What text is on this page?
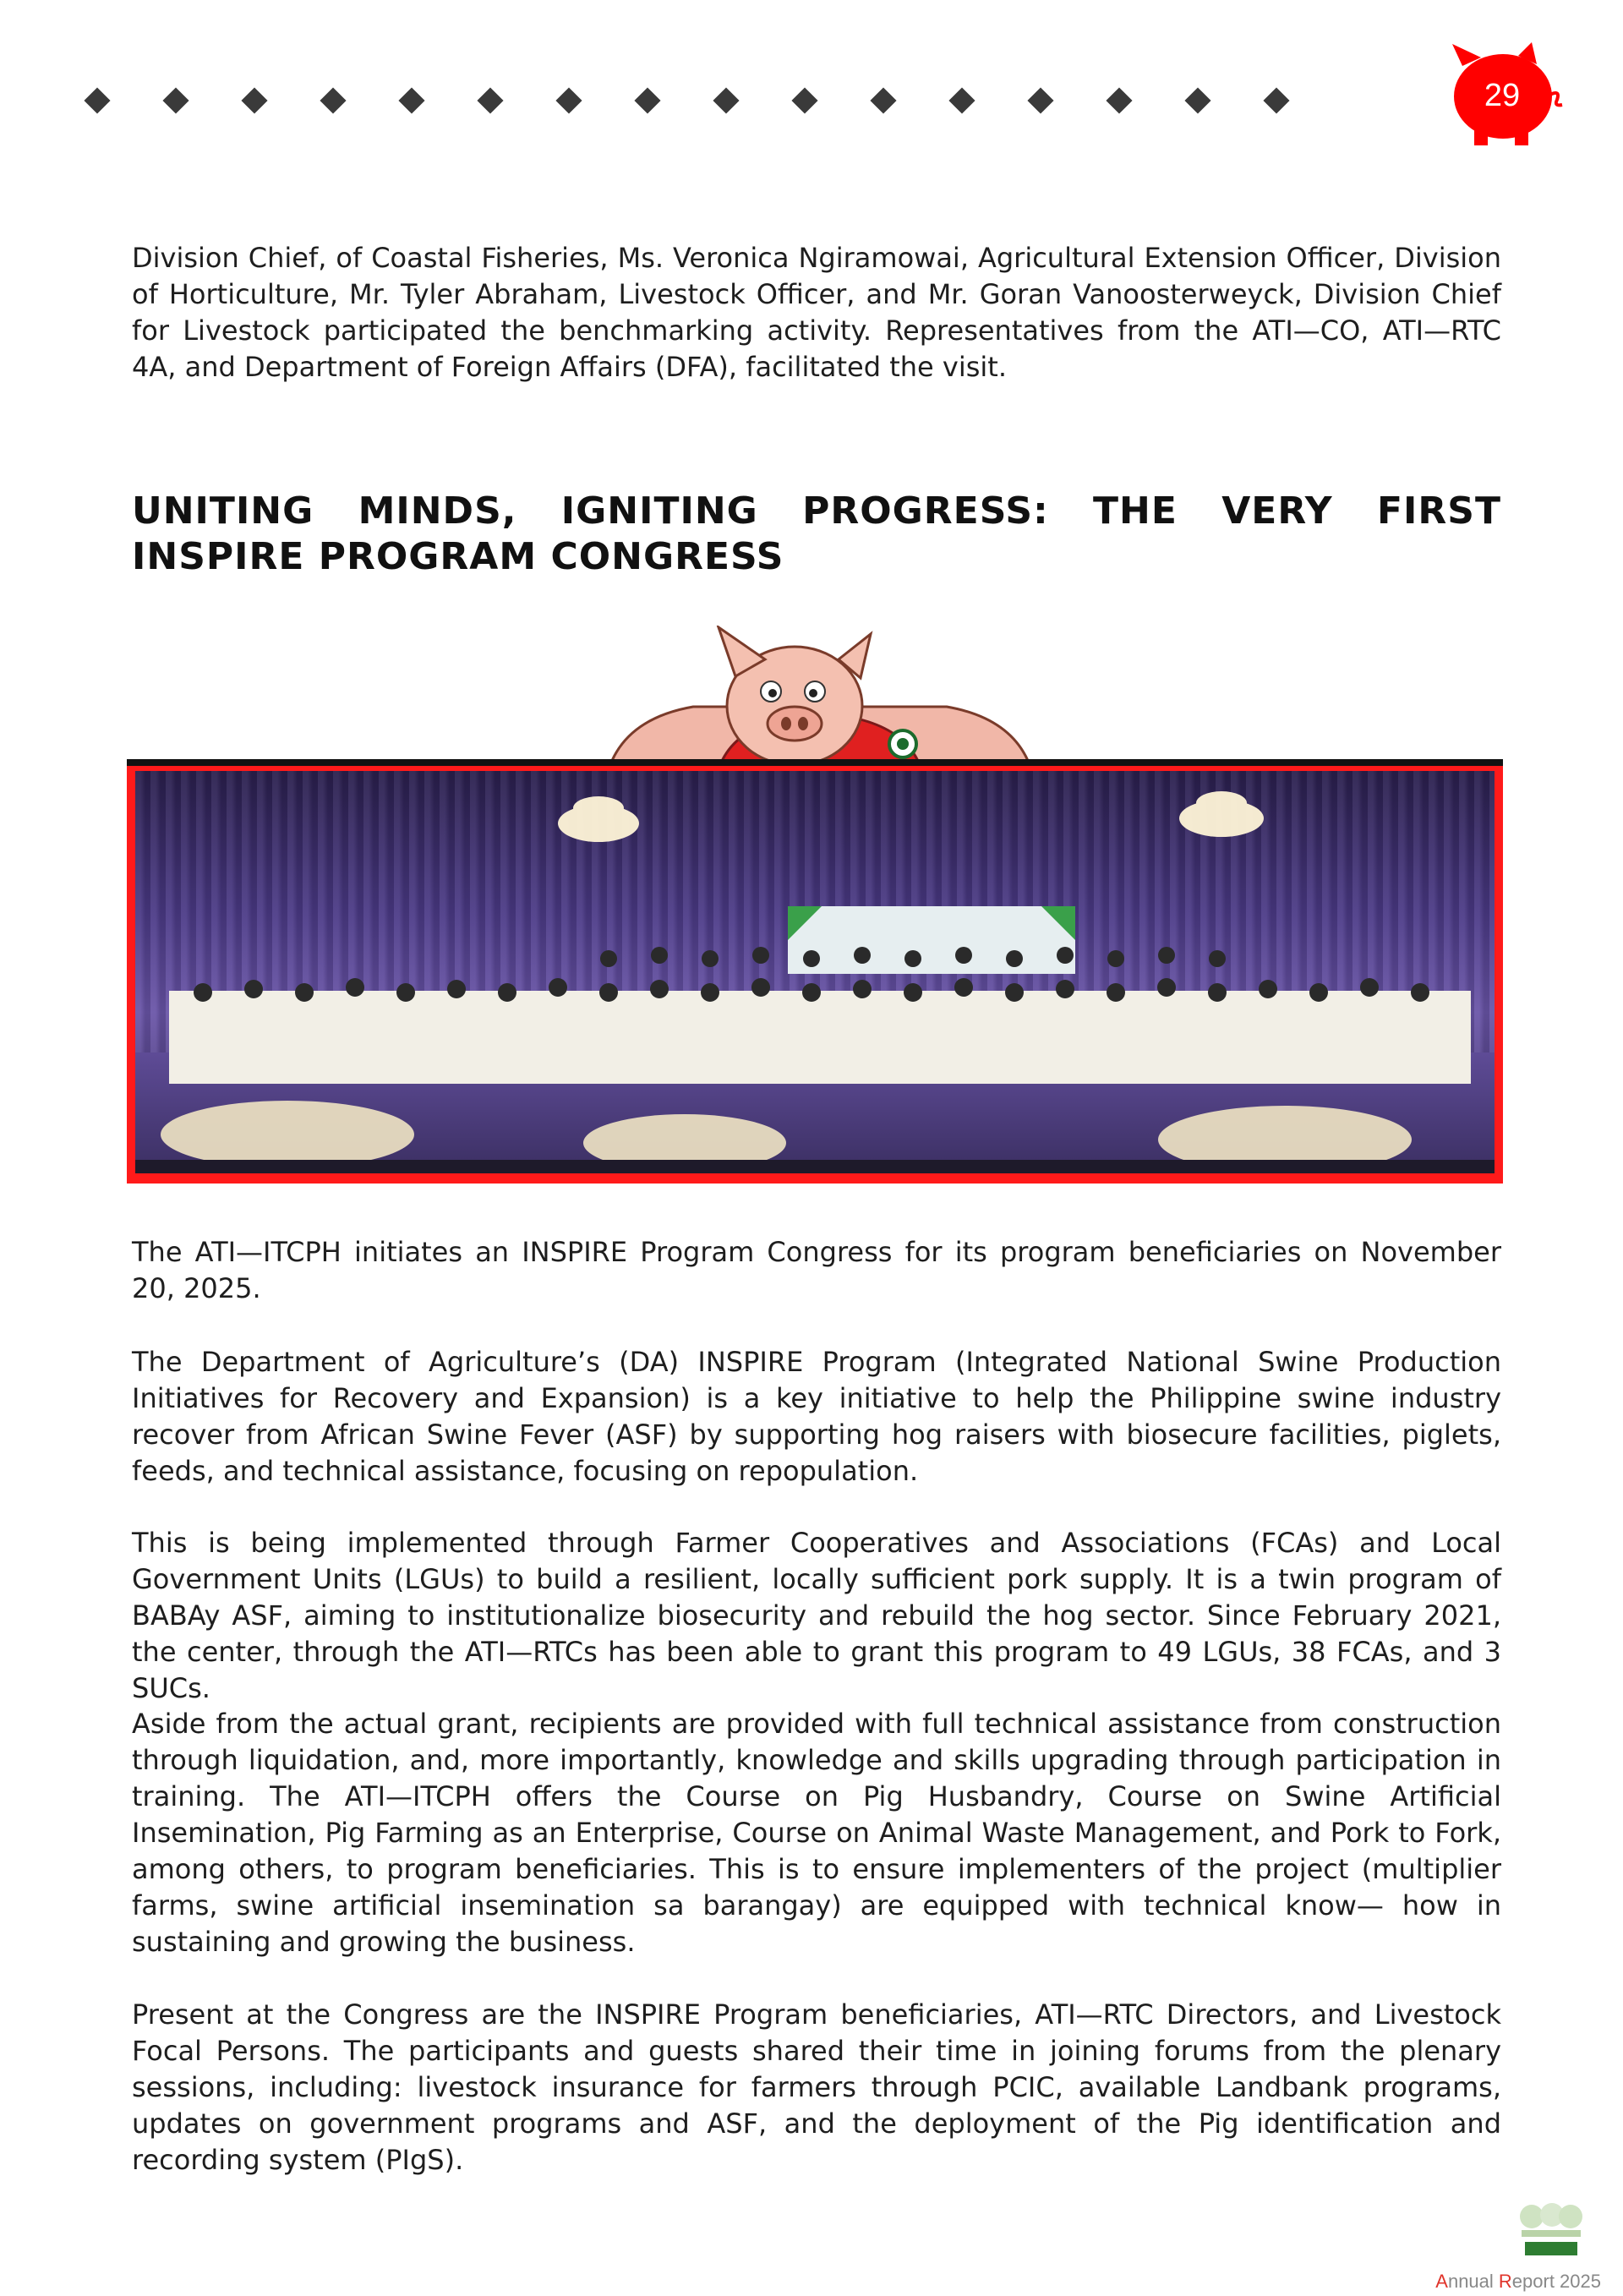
29

Division Chief, of Coastal Fisheries, Ms. Veronica Ngiramowai, Agricultural Extension Officer, Division of Horticulture, Mr. Tyler Abraham, Livestock Officer, and Mr. Goran Vanoosterweyck, Division Chief for Livestock participated the benchmarking activity. Representatives from the ATI—CO, ATI—RTC 4A, and Department of Foreign Affairs (DFA), facilitated the visit.

UNITING MINDS, IGNITING PROGRESS: THE VERY FIRST INSPIRE PROGRAM CONGRESS

The ATI—ITCPH initiates an INSPIRE Program Congress for its program beneficiaries on November 20, 2025.

The Department of Agriculture’s (DA) INSPIRE Program (Integrated National Swine Production Initiatives for Recovery and Expansion) is a key initiative to help the Philippine swine industry recover from African Swine Fever (ASF) by supporting hog raisers with biosecure facilities, piglets, feeds, and technical assistance, focusing on repopulation.

This is being implemented through Farmer Cooperatives and Associations (FCAs) and Local Government Units (LGUs) to build a resilient, locally sufficient pork supply. It is a twin program of BABAy ASF, aiming to institutionalize biosecurity and rebuild the hog sector. Since February 2021, the center, through the ATI—RTCs has been able to grant this program to 49 LGUs, 38 FCAs, and 3 SUCs.

Aside from the actual grant, recipients are provided with full technical assistance from construction through liquidation, and, more importantly, knowledge and skills upgrading through participation in training. The ATI—ITCPH offers the Course on Pig Husbandry, Course on Swine Artificial Insemination, Pig Farming as an Enterprise, Course on Animal Waste Management, and Pork to Fork, among others, to program beneficiaries. This is to ensure implementers of the project (multiplier farms, swine artificial insemination sa barangay) are equipped with technical know— how in sustaining and growing the business.

Present at the Congress are the INSPIRE Program beneficiaries, ATI—RTC Directors, and Livestock Focal Persons. The participants and guests shared their time in joining forums from the plenary sessions, including: livestock insurance for farmers through PCIC, available Landbank programs, updates on government programs and ASF, and the deployment of the Pig identification and recording system (PIgS).

Annual Report 2025
